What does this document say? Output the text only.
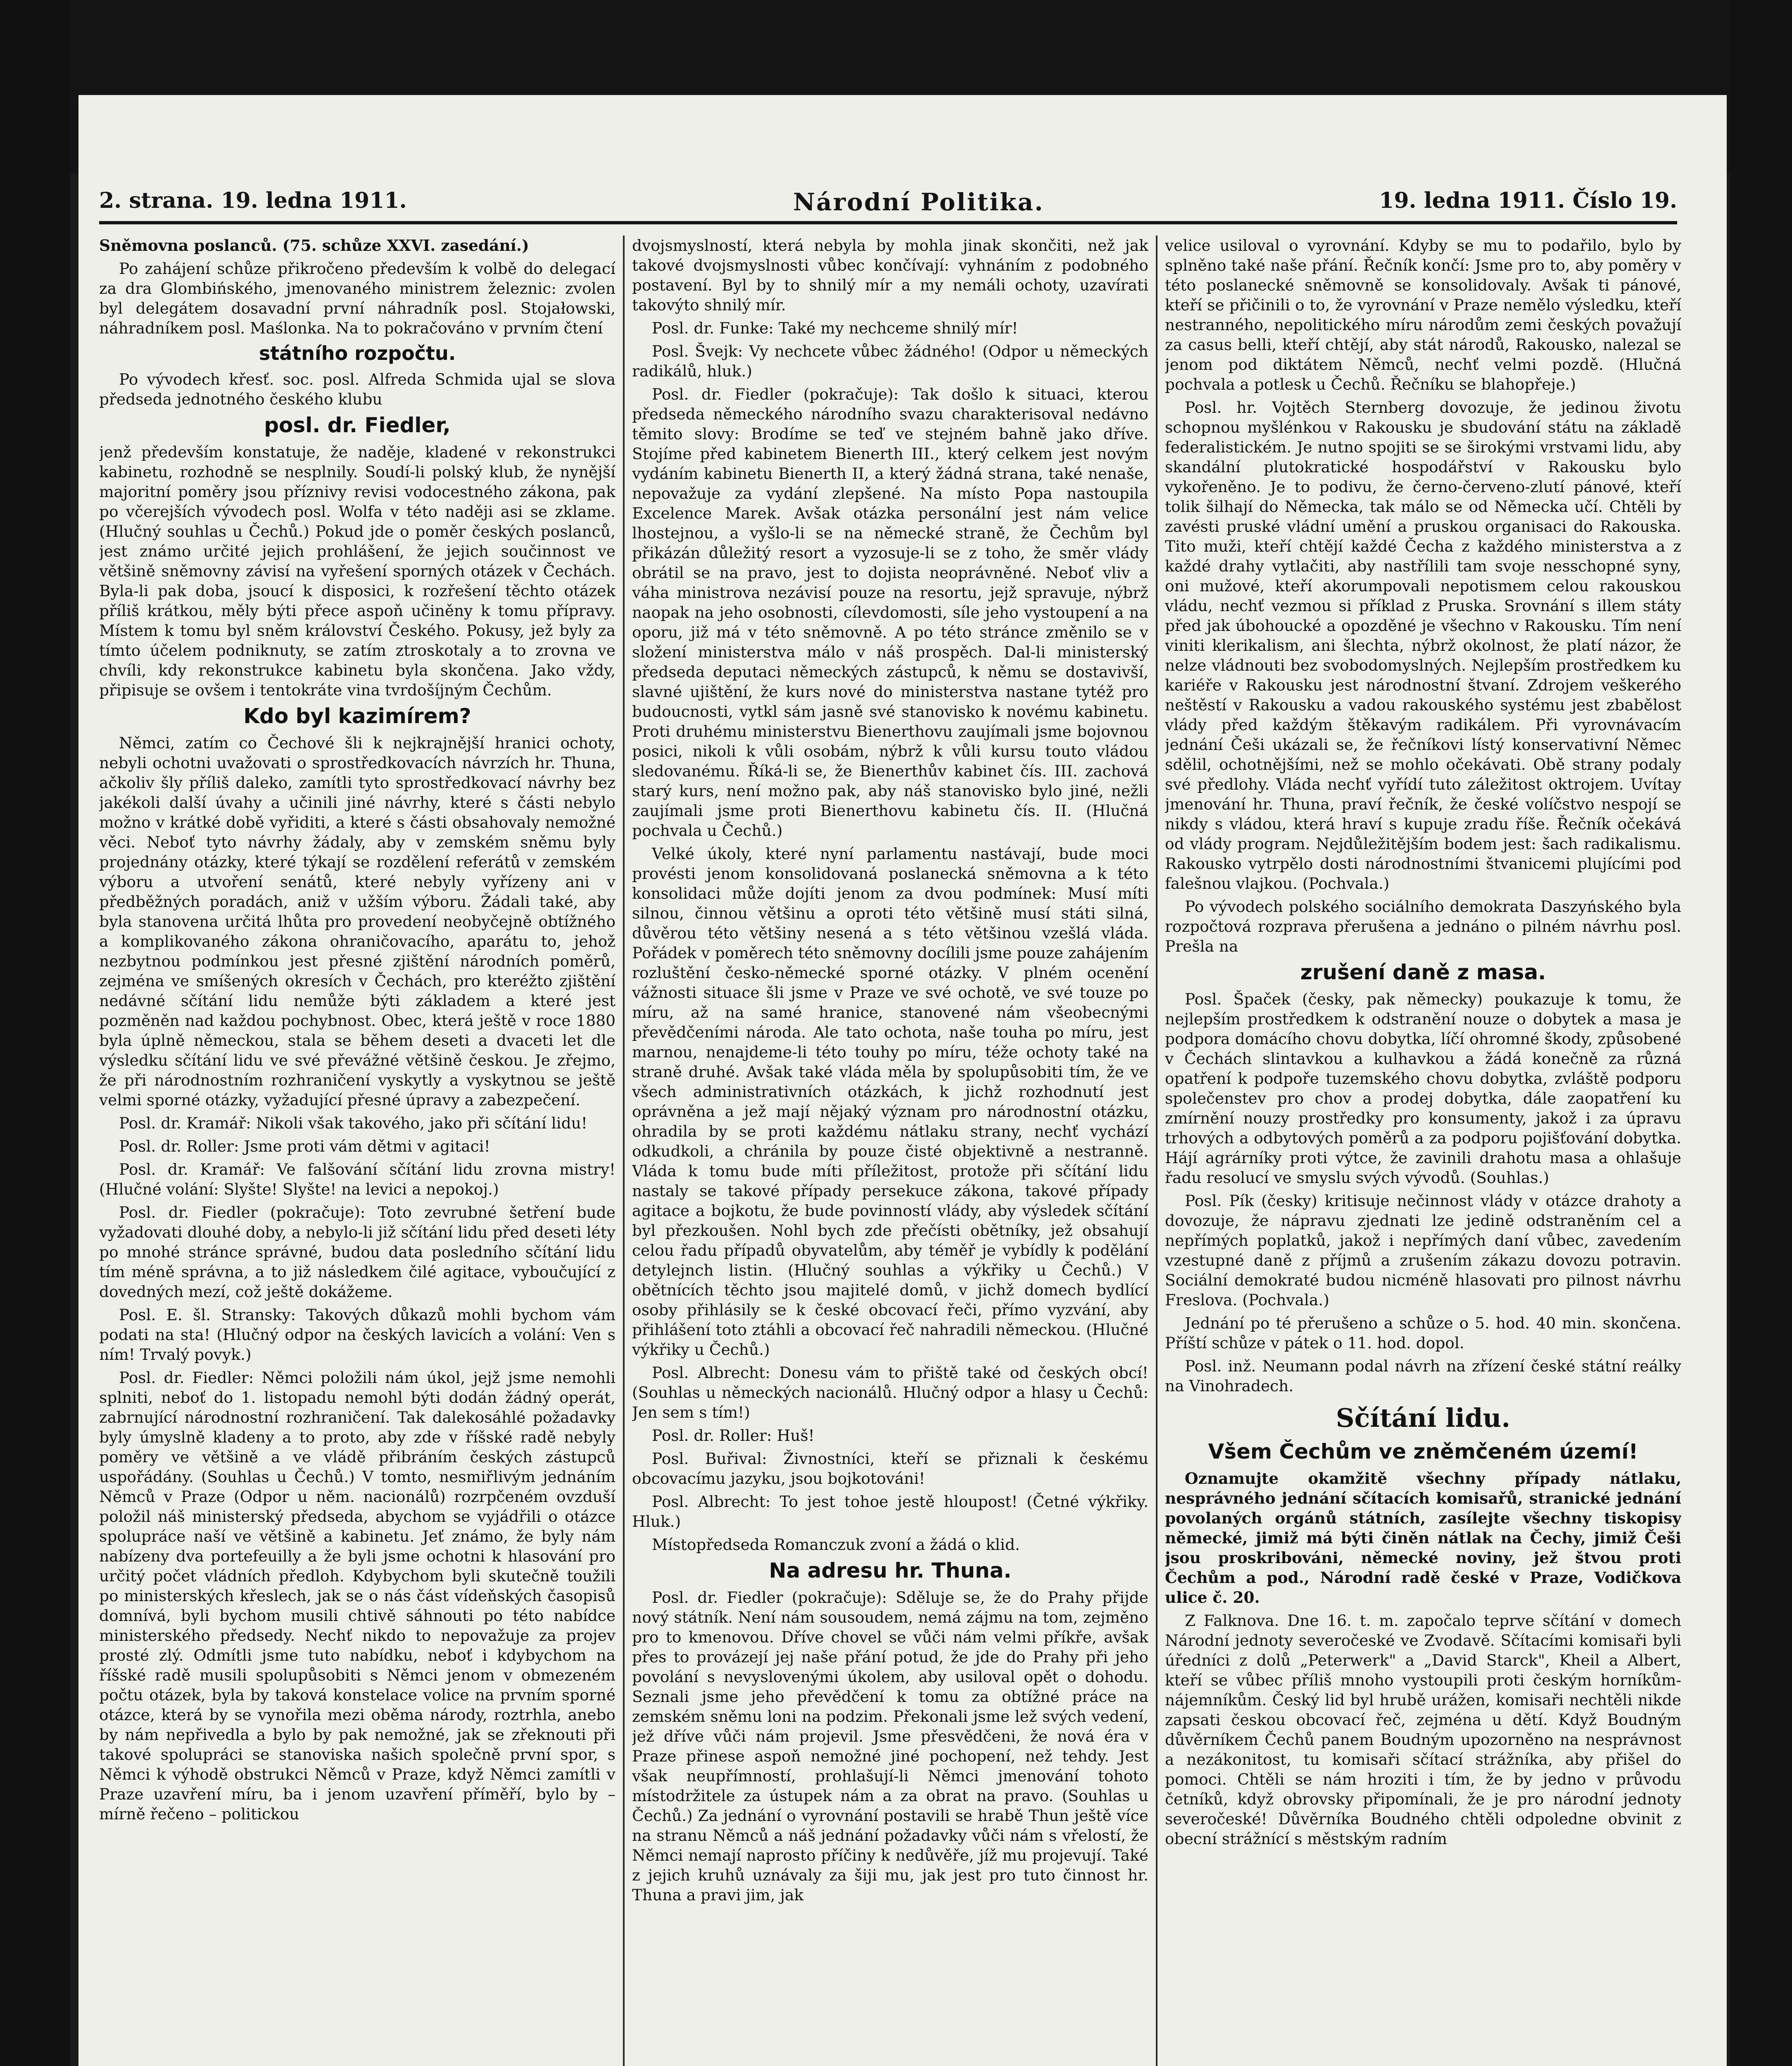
2. strana. 19. ledna 1911.	Národní Politika.	19. ledna 1911. Číslo 19.

Sněmovna poslanců. (75. schůze XXVI. zasedání.)

Po zahájení schůze přikročeno především k volbě do delegací za dra Glombińského, jmenovaného ministrem železnic: zvolen byl delegátem dosavadní první náhradník posl. Stojałowski, náhradníkem posl. Maślonka. Na to pokračováno v prvním čtení

státního rozpočtu.

Po vývodech křesť. soc. posl. Alfreda Schmida ujal se slova předseda jednotného českého klubu

posl. dr. Fiedler,

jenž především konstatuje, že naděje, kladené v rekonstrukci kabinetu, rozhodně se nesplnily. Soudí-li polský klub, že nynější majoritní poměry jsou příznivy revisi vodocestného zákona, pak po včerejších vývodech posl. Wolfa v této naději asi se zklame. (Hlučný souhlas u Čechů.) Pokud jde o poměr českých poslanců, jest známo určité jejich prohlášení, že jejich součinnost ve většině sněmovny závisí na vyřešení sporných otázek v Čechách. Byla-li pak doba, jsoucí k disposici, k rozřešení těchto otázek příliš krátkou, měly býti přece aspoň učiněny k tomu přípravy. Místem k tomu byl sněm království Českého. Pokusy, jež byly za tímto účelem podniknuty, se zatím ztroskotaly a to zrovna ve chvíli, kdy rekonstrukce kabinetu byla skončena. Jako vždy, připisuje se ovšem i tentokráte vina tvrdošíjným Čechům.

Kdo byl kazimírem?

Němci, zatím co Čechové šli k nejkrajnější hranici ochoty, nebyli ochotni uvažovati o sprostředkovacích návrzích hr. Thuna, ačkoliv šly příliš daleko, zamítli tyto sprostředkovací návrhy bez jakékoli další úvahy a učinili jiné návrhy, které s části nebylo možno v krátké době vyřiditi, a které s části obsahovaly nemožné věci. Neboť tyto návrhy žádaly, aby v zemském sněmu byly projednány otázky, které týkají se rozdělení referátů v zemském výboru a utvoření senátů, které nebyly vyřízeny ani v předběžných poradách, aniž v užším výboru. Žádali také, aby byla stanovena určitá lhůta pro provedení neobyčejně obtížného a komplikovaného zákona ohraničovacího, aparátu to, jehož nezbytnou podmínkou jest přesné zjištění národních poměrů, zejména ve smíšených okresích v Čechách, pro kteréžto zjištění nedávné sčítání lidu nemůže býti základem a které jest pozměněn nad každou pochybnost. Obec, která ještě v roce 1880 byla úplně německou, stala se během deseti a dvaceti let dle výsledku sčítání lidu ve své převážné většině českou. Je zřejmo, že při národnostním rozhraničení vyskytly a vyskytnou se ještě velmi sporné otázky, vyžadující přesné úpravy a zabezpečení.

Posl. dr. Kramář: Nikoli však takového, jako při sčítání lidu!

Posl. dr. Roller: Jsme proti vám dětmi v agitaci!

Posl. dr. Kramář: Ve falšování sčítání lidu zrovna mistry! (Hlučné volání: Slyšte! Slyšte! na levici a nepokoj.)

Posl. dr. Fiedler (pokračuje): Toto zevrubné šetření bude vyžadovati dlouhé doby, a nebylo-li již sčítání lidu před deseti léty po mnohé stránce správné, budou data posledního sčítání lidu tím méně správna, a to již následkem čilé agitace, vyboučující z dovedných mezí, což ještě dokážeme.

Posl. E. šl. Stransky: Takových důkazů mohli bychom vám podati na sta! (Hlučný odpor na českých lavicích a volání: Ven s ním! Trvalý povyk.)

Posl. dr. Fiedler: Němci položili nám úkol, jejž jsme nemohli splniti, neboť do 1. listopadu nemohl býti dodán žádný operát, zabrnující národnostní rozhraničení. Tak dalekosáhlé požadavky byly úmyslně kladeny a to proto, aby zde v říšské radě nebyly poměry ve většině a ve vládě přibráním českých zástupců uspořádány. (Souhlas u Čechů.) V tomto, nesmiřlivým jednáním Němců v Praze (Odpor u něm. nacionálů) rozrpčeném ovzduší položil náš ministerský předseda, abychom se vyjádřili o otázce spolupráce naší ve většině a kabinetu. Jeť známo, že byly nám nabízeny dva portefeuilly a že byli jsme ochotni k hlasování pro určitý počet vládních předloh. Kdybychom byli skutečně toužili po ministerských křeslech, jak se o nás část vídeňských časopisů domnívá, byli bychom musili chtivě sáhnouti po této nabídce ministerského předsedy. Nechť nikdo to nepovažuje za projev prosté zlý. Odmítli jsme tuto nabídku, neboť i kdybychom na říšské radě musili spolupůsobiti s Němci jenom v obmezeném počtu otázek, byla by taková konstelace volice na prvním sporné otázce, která by se vynořila mezi oběma národy, roztrhla, anebo by nám nepřivedla a bylo by pak nemožné, jak se zřeknouti při takové spolupráci se stanoviska našich společně první spor, s Němci k výhodě obstrukci Němců v Praze, když Němci zamítli v Praze uzavření míru, ba i jenom uzavření příměří, bylo by – mírně řečeno – politickou

dvojsmyslností, která nebyla by mohla jinak skončiti, než jak takové dvojsmyslnosti vůbec končívají: vyhnáním z podobného postavení. Byl by to shnilý mír a my nemáli ochoty, uzavírati takovýto shnilý mír.

Posl. dr. Funke: Také my nechceme shnilý mír!

Posl. Švejk: Vy nechcete vůbec žádného! (Odpor u německých radikálů, hluk.)

Posl. dr. Fiedler (pokračuje): Tak došlo k situaci, kterou předseda německého národního svazu charakterisoval nedávno těmito slovy: Brodíme se teď ve stejném bahně jako dříve. Stojíme před kabinetem Bienerth III., který celkem jest novým vydáním kabinetu Bienerth II, a který žádná strana, také nenaše, nepovažuje za vydání zlepšené. Na místo Popa nastoupila Excelence Marek. Avšak otázka personální jest nám velice lhostejnou, a vyšlo-li se na německé straně, že Čechům byl přikázán důležitý resort a vyzosuje-li se z toho, že směr vlády obrátil se na pravo, jest to dojista neoprávněné. Neboť vliv a váha ministrova nezávisí pouze na resortu, jejž spravuje, nýbrž naopak na jeho osobnosti, cílevdomosti, síle jeho vystoupení a na oporu, již má v této sněmovně. A po této stránce změnilo se v složení ministerstva málo v náš prospěch. Dal-li ministerský předseda deputaci německých zástupců, k němu se dostavivší, slavné ujištění, že kurs nové do ministerstva nastane tytéž pro budoucnosti, vytkl sám jasně své stanovisko k novému kabinetu. Proti druhému ministerstvu Bienerthovu zaujímali jsme bojovnou posici, nikoli k vůli osobám, nýbrž k vůli kursu touto vládou sledovanému. Říká-li se, že Bienerthův kabinet čís. III. zachová starý kurs, není možno pak, aby náš stanovisko bylo jiné, nežli zaujímali jsme proti Bienerthovu kabinetu čís. II. (Hlučná pochvala u Čechů.)

Velké úkoly, které nyní parlamentu nastávají, bude moci provésti jenom konsolidovaná poslanecká sněmovna a k této konsolidaci může dojíti jenom za dvou podmínek: Musí míti silnou, činnou většinu a oproti této většině musí státi silná, důvěrou této většiny nesená a s této většinou vzešlá vláda. Pořádek v poměrech této sněmovny docílili jsme pouze zahájením rozluštění česko-německé sporné otázky. V plném ocenění vážnosti situace šli jsme v Praze ve své ochotě, ve své touze po míru, až na samé hranice, stanovené nám všeobecnými převědčeními národa. Ale tato ochota, naše touha po míru, jest marnou, nenajdeme-li této touhy po míru, téže ochoty také na straně druhé. Avšak také vláda měla by spolupůsobiti tím, že ve všech administrativních otázkách, k jichž rozhodnutí jest oprávněna a jež mají nějaký význam pro národnostní otázku, ohradila by se proti každému nátlaku strany, nechť vychází odkudkoli, a chránila by pouze čisté objektivně a nestranně. Vláda k tomu bude míti příležitost, protože při sčítání lidu nastaly se takové případy persekuce zákona, takové případy agitace a bojkotu, že bude povinností vlády, aby výsledek sčítání byl přezkoušen. Nohl bych zde přečísti obětníky, jež obsahují celou řadu případů obyvatelům, aby téměř je vybídly k podělání detylejnch listin. (Hlučný souhlas a výkřiky u Čechů.) V obětnících těchto jsou majitelé domů, v jichž domech bydlící osoby přihlásily se k české obcovací řeči, přímo vyzvání, aby přihlášení toto ztáhli a obcovací řeč nahradili německou. (Hlučné výkřiky u Čechů.)

Posl. Albrecht: Donesu vám to přiště také od českých obcí! (Souhlas u německých nacionálů. Hlučný odpor a hlasy u Čechů: Jen sem s tím!)

Posl. dr. Roller: Huš!

Posl. Buřival: Živnostníci, kteří se přiznali k českému obcovacímu jazyku, jsou bojkotováni!

Posl. Albrecht: To jest tohoe jestě hloupost! (Četné výkřiky. Hluk.)

Místopředseda Romanczuk zvoní a žádá o klid.

Na adresu hr. Thuna.

Posl. dr. Fiedler (pokračuje): Sděluje se, že do Prahy přijde nový státník. Není nám sousoudem, nemá zájmu na tom, zejměno pro to kmenovou. Dříve chovel se vůči nám velmi příkře, avšak přes to provázejí jej naše přání potud, že jde do Prahy při jeho povolání s nevyslovenými úkolem, aby usiloval opět o dohodu. Seznali jsme jeho převědčení k tomu za obtížné práce na zemském sněmu loni na podzim. Překonali jsme lež svých vedení, jež dříve vůči nám projevil. Jsme přesvědčeni, že nová éra v Praze přinese aspoň nemožné jiné pochopení, než tehdy. Jest však neupřímností, prohlašují-li Němci jmenování tohoto místodržitele za ústupek nám a za obrat na pravo. (Souhlas u Čechů.) Za jednání o vyrovnání postavili se hrabě Thun ještě více na stranu Němců a náš jednání požadavky vůči nám s vřelostí, že Němci nemají naprosto příčiny k nedůvěře, jíž mu projevují. Také z jejich kruhů uznávaly za šiji mu, jak jest pro tuto činnost hr. Thuna a pravi jim, jak

velice usiloval o vyrovnání. Kdyby se mu to podařilo, bylo by splněno také naše přání. Řečník končí: Jsme pro to, aby poměry v této poslanecké sněmovně se konsolidovaly. Avšak ti pánové, kteří se přičinili o to, že vyrovnání v Praze nemělo výsledku, kteří nestranného, nepolitického míru národům zemi českých považují za casus belli, kteří chtějí, aby stát národů, Rakousko, nalezal se jenom pod diktátem Němců, nechť velmi pozdě. (Hlučná pochvala a potlesk u Čechů. Řečníku se blahopřeje.)

Posl. hr. Vojtěch Sternberg dovozuje, že jedinou životu schopnou myšlénkou v Rakousku je sbudování státu na základě federalistickém. Je nutno spojiti se se širokými vrstvami lidu, aby skandální plutokratické hospodářství v Rakousku bylo vykořeněno. Je to podivu, že černo-červeno-zlutí pánové, kteří tolik šilhají do Německa, tak málo se od Německa učí. Chtěli by zavésti pruské vládní umění a pruskou organisaci do Rakouska. Tito muži, kteří chtějí každé Čecha z každého ministerstva a z každé drahy vytlačiti, aby nastřílili tam svoje nesschopné syny, oni mužové, kteří akorumpovali nepotismem celou rakouskou vládu, nechť vezmou si příklad z Pruska. Srovnání s illem státy před jak úbohoucké a opozděné je všechno v Rakousku. Tím není viniti klerikalism, ani šlechta, nýbrž okolnost, že platí názor, že nelze vládnouti bez svobodomyslných. Nejlepším prostředkem ku kariéře v Rakousku jest národnostní štvaní. Zdrojem veškerého neštěstí v Rakousku a vadou rakouského systému jest zbabělost vlády před každým štěkavým radikálem. Při vyrovnávacím jednání Češi ukázali se, že řečníkovi lístý konservativní Němec sdělil, ochotnějšími, než se mohlo očekávati. Obě strany podaly své předlohy. Vláda nechť vyřídí tuto záležitost oktrojem. Uvítay jmenování hr. Thuna, praví řečník, že české volíčstvo nespojí se nikdy s vládou, která hraví s kupuje zradu říše. Řečník očekává od vlády program. Nejdůležitějším bodem jest: šach radikalismu. Rakousko vytrpělo dosti národnostními štvanicemi plujícími pod falešnou vlajkou. (Pochvala.)

Po vývodech polského sociálního demokrata Daszyńského byla rozpočtová rozprava přerušena a jednáno o pilném návrhu posl. Prešla na

zrušení daně z masa.

Posl. Špaček (česky, pak německy) poukazuje k tomu, že nejlepším prostředkem k odstranění nouze o dobytek a masa je podpora domácího chovu dobytka, líčí ohromné škody, způsobené v Čechách slintavkou a kulhavkou a žádá konečně za různá opatření k podpoře tuzemského chovu dobytka, zvláště podporu společenstev pro chov a prodej dobytka, dále zaopatření ku zmírnění nouzy prostředky pro konsumenty, jakož i za úpravu trhových a odbytových poměrů a za podporu pojišťování dobytka. Hájí agrárníky proti výtce, že zavinili drahotu masa a ohlašuje řadu resolucí ve smyslu svých vývodů. (Souhlas.)

Posl. Pík (česky) kritisuje nečinnost vlády v otázce drahoty a dovozuje, že nápravu zjednati lze jedině odstraněním cel a nepřímých poplatků, jakož i nepřímých daní vůbec, zavedením vzestupné daně z příjmů a zrušením zákazu dovozu potravin. Sociální demokraté budou nicméně hlasovati pro pilnost návrhu Freslova. (Pochvala.)

Jednání po té přerušeno a schůze o 5. hod. 40 min. skončena. Příští schůze v pátek o 11. hod. dopol.

Posl. inž. Neumann podal návrh na zřízení české státní reálky na Vinohradech.

Sčítání lidu.
Všem Čechům ve zněmčeném území!

Oznamujte okamžitě všechny případy nátlaku, nesprávného jednání sčítacích komisařů, stranické jednání povolaných orgánů státních, zasílejte všechny tiskopisy německé, jimiž má býti činěn nátlak na Čechy, jimiž Češi jsou proskribováni, německé noviny, jež štvou proti Čechům a pod., Národní radě české v Praze, Vodičkova ulice č. 20.

Z Falknova. Dne 16. t. m. započalo teprve sčítání v domech Národní jednoty severočeské ve Zvodavě. Sčítacími komisaři byli úředníci z dolů „Peterwerk" a „David Starck", Kheil a Albert, kteří se vůbec příliš mnoho vystoupili proti českým horníkům-nájemníkům. Český lid byl hrubě urážen, komisaři nechtěli nikde zapsati českou obcovací řeč, zejména u dětí. Když Boudným důvěrníkem Čechů panem Boudným upozorněno na nesprávnost a nezákonitost, tu komisaři sčítací strážníka, aby přišel do pomoci. Chtěli se nám hroziti i tím, že by jedno v průvodu četníků, když obrovsky připomínali, že je pro národní jednoty severočeské! Důvěrníka Boudného chtěli odpoledne obvinit z obecní strážnící s městským radním
